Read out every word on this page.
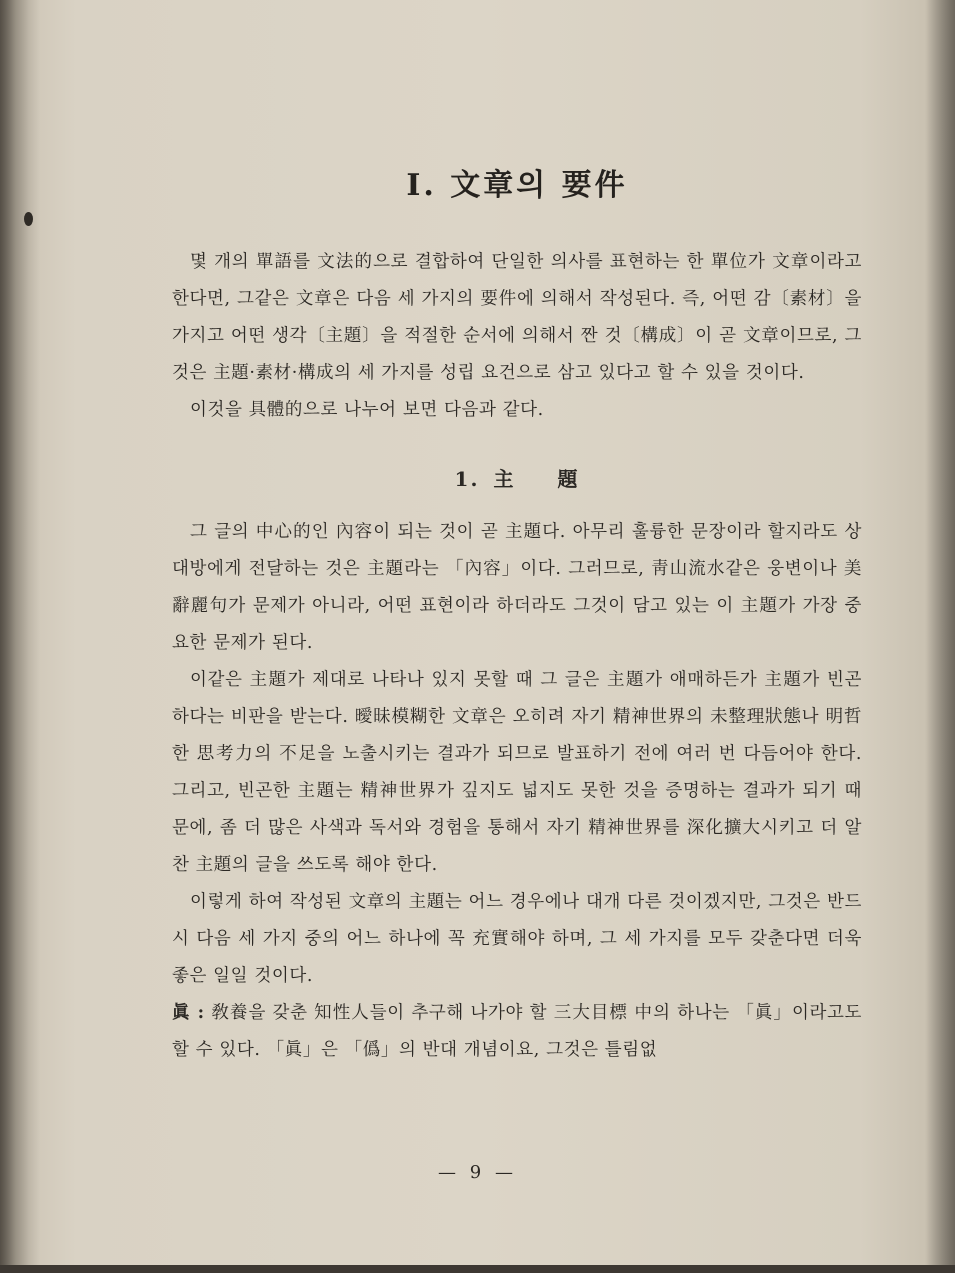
Ⅰ. 文章의 要件

몇 개의 單語를 文法的으로 결합하여 단일한 의사를 표현하는 한 單位가 文章이라고 한다면, 그같은 文章은 다음 세 가지의 要件에 의해서 작성된다. 즉, 어떤 감〔素材〕을 가지고 어떤 생각〔主題〕을 적절한 순서에 의해서 짠 것〔構成〕이 곧 文章이므로, 그것은 主題·素材·構成의 세 가지를 성립 요건으로 삼고 있다고 할 수 있을 것이다.

이것을 具體的으로 나누어 보면 다음과 같다.

1. 主 題

그 글의 中心的인 內容이 되는 것이 곧 主題다. 아무리 훌륭한 문장이라 할지라도 상대방에게 전달하는 것은 主題라는 「內容」이다. 그러므로, 靑山流水같은 웅변이나 美辭麗句가 문제가 아니라, 어떤 표현이라 하더라도 그것이 담고 있는 이 主題가 가장 중요한 문제가 된다.

이같은 主題가 제대로 나타나 있지 못할 때 그 글은 主題가 애매하든가 主題가 빈곤하다는 비판을 받는다. 曖昧模糊한 文章은 오히려 자기 精神世界의 未整理狀態나 明哲한 思考力의 不足을 노출시키는 결과가 되므로 발표하기 전에 여러 번 다듬어야 한다. 그리고, 빈곤한 主題는 精神世界가 깊지도 넓지도 못한 것을 증명하는 결과가 되기 때문에, 좀 더 많은 사색과 독서와 경험을 통해서 자기 精神世界를 深化擴大시키고 더 알찬 主題의 글을 쓰도록 해야 한다.

이렇게 하여 작성된 文章의 主題는 어느 경우에나 대개 다른 것이겠지만, 그것은 반드시 다음 세 가지 중의 어느 하나에 꼭 充實해야 하며, 그 세 가지를 모두 갖춘다면 더욱 좋은 일일 것이다.

眞 : 敎養을 갖춘 知性人들이 추구해 나가야 할 三大目標 中의 하나는 「眞」이라고도 할 수 있다. 「眞」은 「僞」의 반대 개념이요, 그것은 틀림없

— 9 —
